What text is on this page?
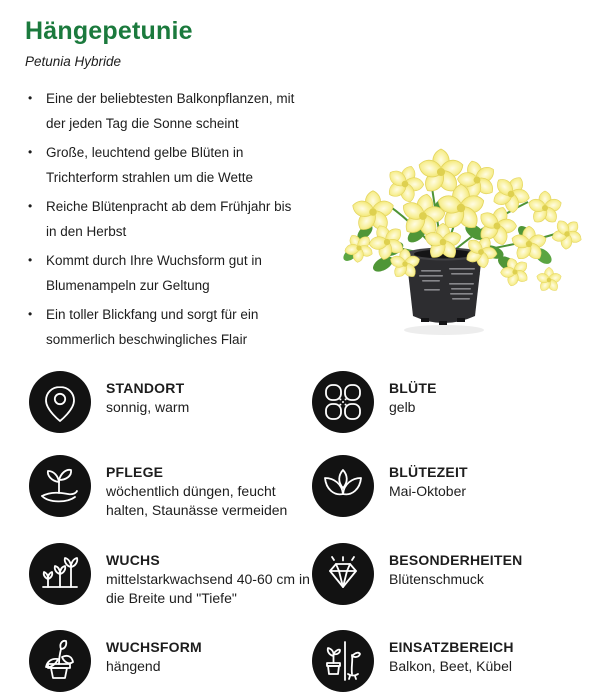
Hängepetunie
Petunia Hybride
• Eine der beliebtesten Balkonpflanzen, mit der jeden Tag die Sonne scheint
• Große, leuchtend gelbe Blüten in Trichterform strahlen um die Wette
• Reiche Blütenpracht ab dem Frühjahr bis in den Herbst
• Kommt durch Ihre Wuchsform gut in Blumenampeln zur Geltung
• Ein toller Blickfang und sorgt für ein sommerlich beschwingliches Flair
STANDORT
sonnig, warm
BLÜTE
gelb
PFLEGE
wöchentlich düngen, feucht halten, Staunässe vermeiden
BLÜTEZEIT
Mai-Oktober
WUCHS
mittelstarkwachsend 40-60 cm in die Breite und "Tiefe"
BESONDERHEITEN
Blütenschmuck
WUCHSFORM
hängend
EINSATZBEREICH
Balkon, Beet, Kübel
